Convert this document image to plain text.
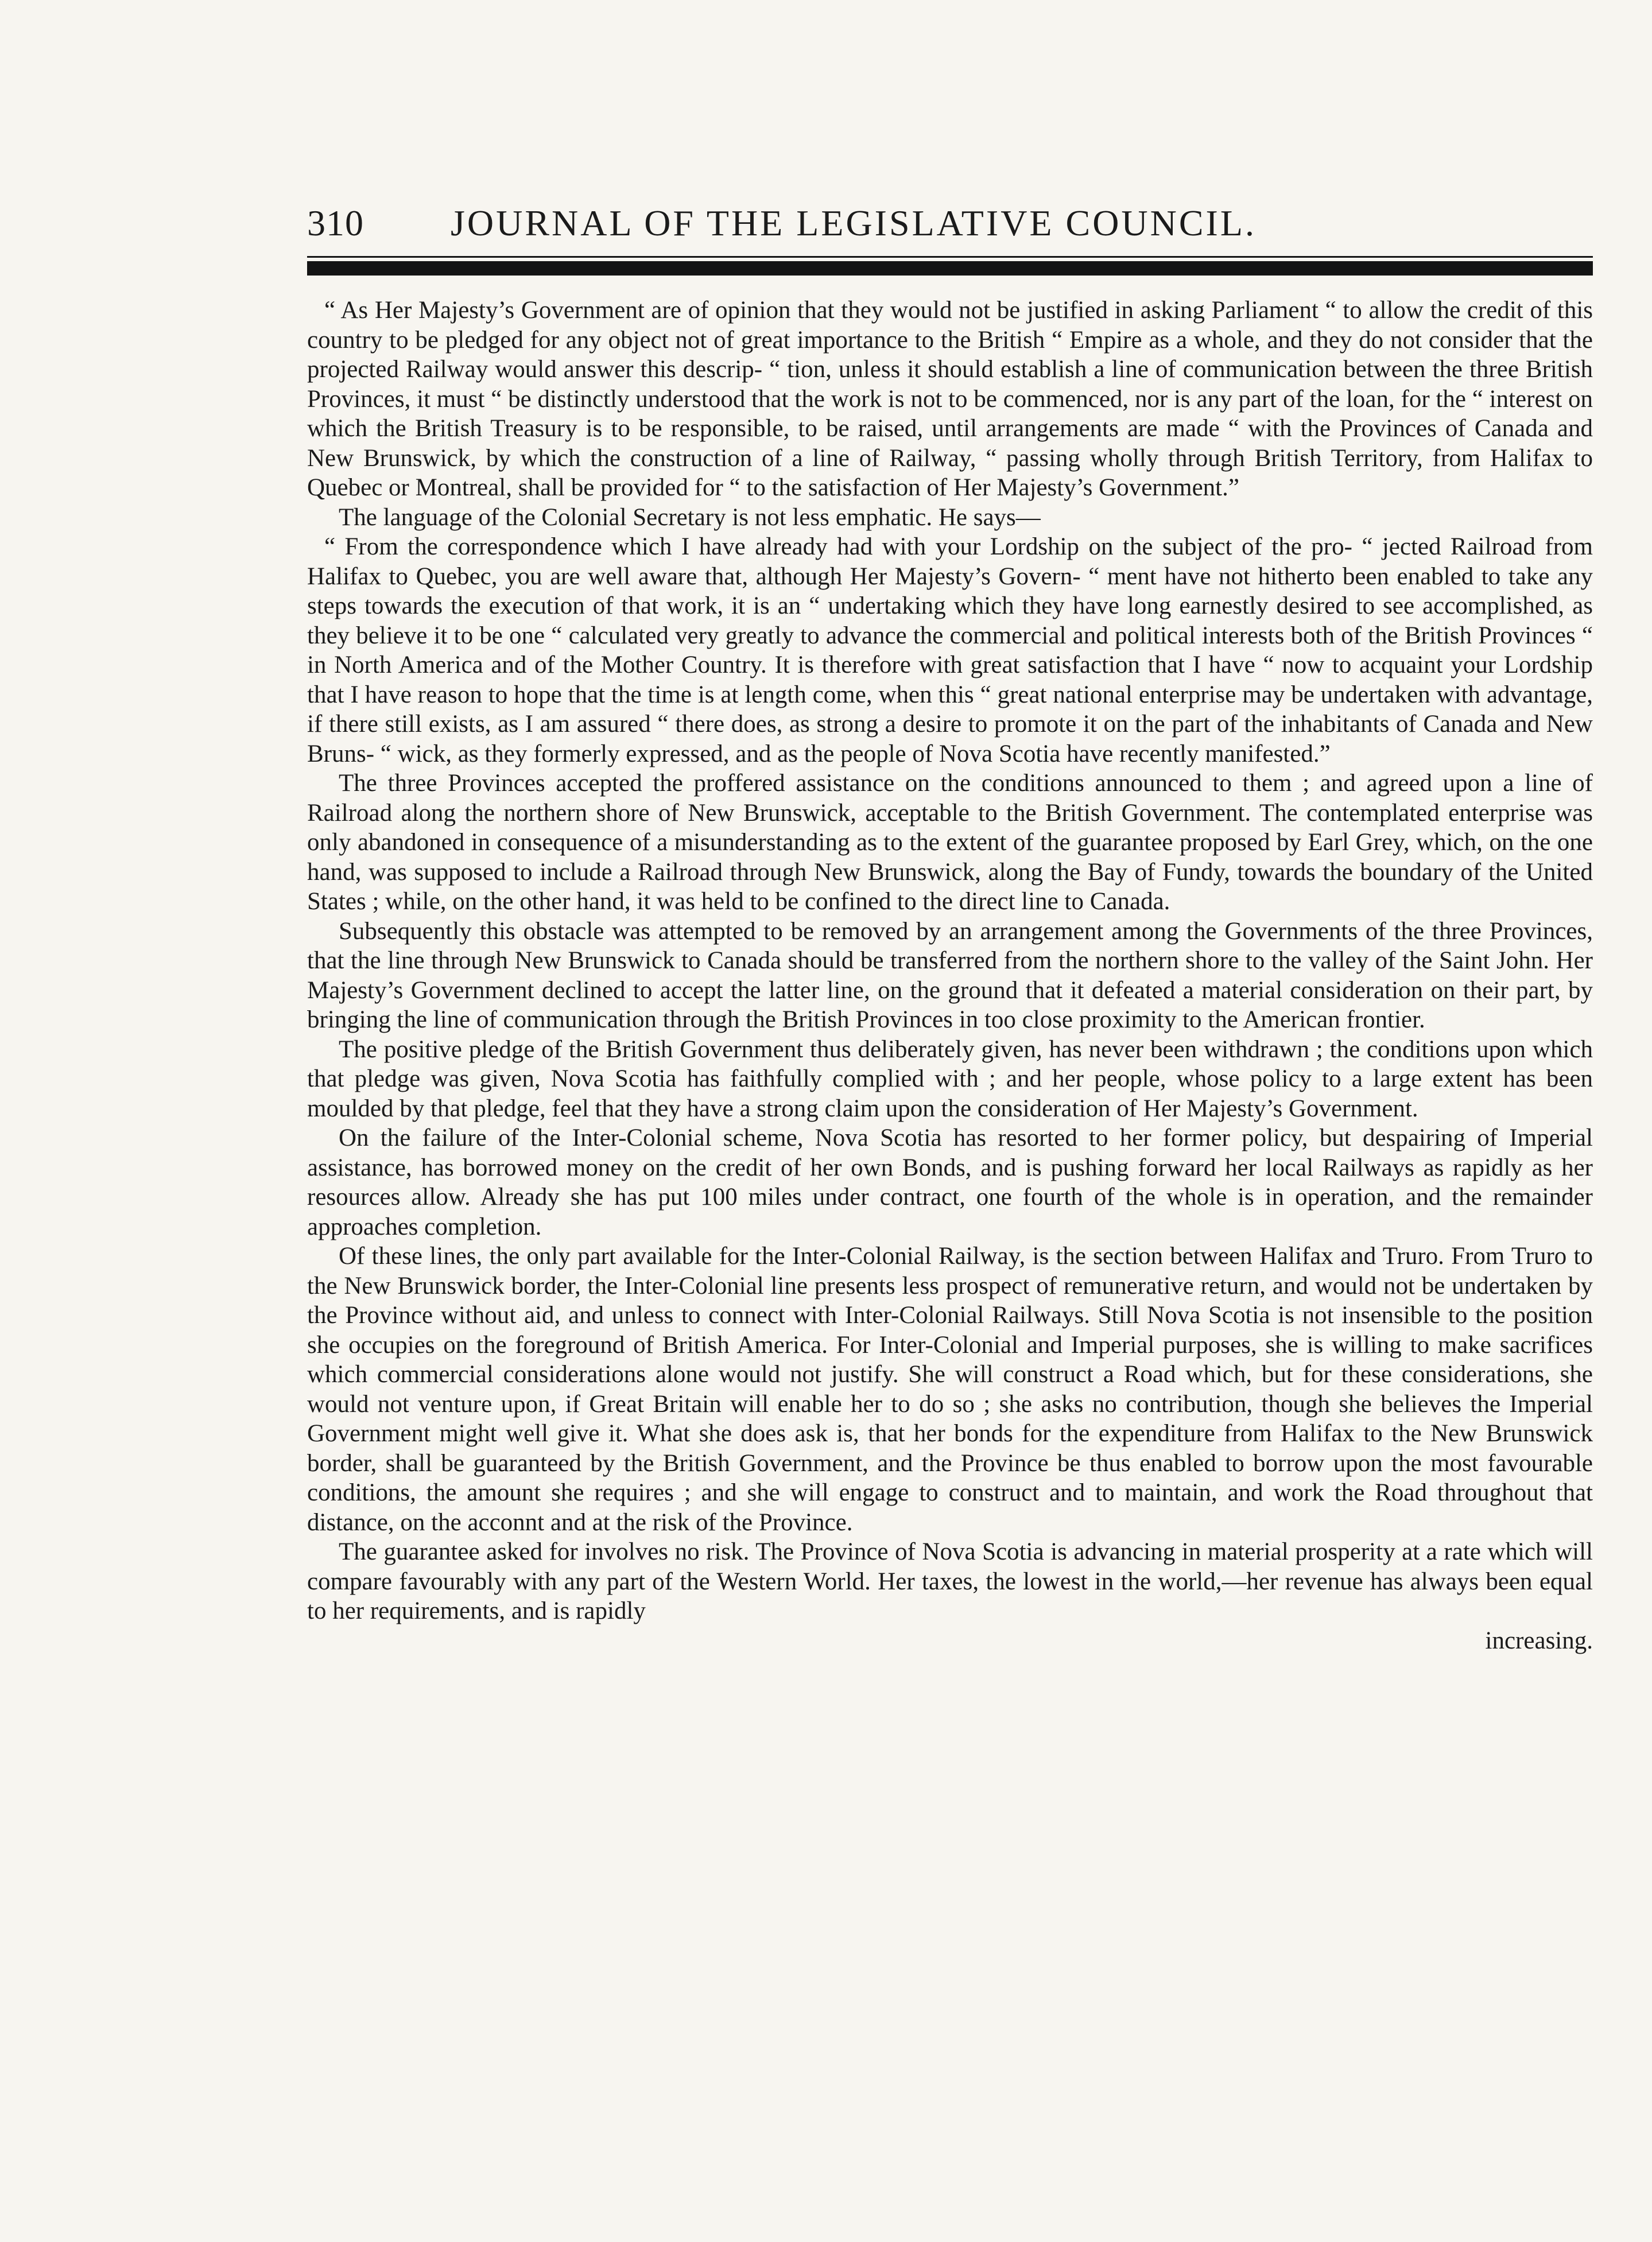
310 JOURNAL OF THE LEGISLATIVE COUNCIL.

“ As Her Majesty’s Government are of opinion that they would not be justified in asking Parliament “ to allow the credit of this country to be pledged for any object not of great importance to the British “ Empire as a whole, and they do not consider that the projected Railway would answer this descrip- “ tion, unless it should establish a line of communication between the three British Provinces, it must “ be distinctly understood that the work is not to be commenced, nor is any part of the loan, for the “ interest on which the British Treasury is to be responsible, to be raised, until arrangements are made “ with the Provinces of Canada and New Brunswick, by which the construction of a line of Railway, “ passing wholly through British Territory, from Halifax to Quebec or Montreal, shall be provided for “ to the satisfaction of Her Majesty’s Government.”

The language of the Colonial Secretary is not less emphatic. He says—

“ From the correspondence which I have already had with your Lordship on the subject of the pro- “ jected Railroad from Halifax to Quebec, you are well aware that, although Her Majesty’s Govern- “ ment have not hitherto been enabled to take any steps towards the execution of that work, it is an “ undertaking which they have long earnestly desired to see accomplished, as they believe it to be one “ calculated very greatly to advance the commercial and political interests both of the British Provinces “ in North America and of the Mother Country. It is therefore with great satisfaction that I have “ now to acquaint your Lordship that I have reason to hope that the time is at length come, when this “ great national enterprise may be undertaken with advantage, if there still exists, as I am assured “ there does, as strong a desire to promote it on the part of the inhabitants of Canada and New Bruns- “ wick, as they formerly expressed, and as the people of Nova Scotia have recently manifested.”

The three Provinces accepted the proffered assistance on the conditions announced to them ; and agreed upon a line of Railroad along the northern shore of New Brunswick, acceptable to the British Government. The contemplated enterprise was only abandoned in consequence of a misunderstanding as to the extent of the guarantee proposed by Earl Grey, which, on the one hand, was supposed to include a Railroad through New Brunswick, along the Bay of Fundy, towards the boundary of the United States ; while, on the other hand, it was held to be confined to the direct line to Canada.

Subsequently this obstacle was attempted to be removed by an arrangement among the Governments of the three Provinces, that the line through New Brunswick to Canada should be transferred from the northern shore to the valley of the Saint John. Her Majesty’s Government declined to accept the latter line, on the ground that it defeated a material consideration on their part, by bringing the line of communication through the British Provinces in too close proximity to the American frontier.

The positive pledge of the British Government thus deliberately given, has never been withdrawn ; the conditions upon which that pledge was given, Nova Scotia has faithfully complied with ; and her people, whose policy to a large extent has been moulded by that pledge, feel that they have a strong claim upon the consideration of Her Majesty’s Government.

On the failure of the Inter-Colonial scheme, Nova Scotia has resorted to her former policy, but despairing of Imperial assistance, has borrowed money on the credit of her own Bonds, and is pushing forward her local Railways as rapidly as her resources allow. Already she has put 100 miles under contract, one fourth of the whole is in operation, and the remainder approaches completion.

Of these lines, the only part available for the Inter-Colonial Railway, is the section between Halifax and Truro. From Truro to the New Brunswick border, the Inter-Colonial line presents less prospect of remunerative return, and would not be undertaken by the Province without aid, and unless to connect with Inter-Colonial Railways. Still Nova Scotia is not insensible to the position she occupies on the foreground of British America. For Inter-Colonial and Imperial purposes, she is willing to make sacrifices which commercial considerations alone would not justify. She will construct a Road which, but for these considerations, she would not venture upon, if Great Britain will enable her to do so ; she asks no contribution, though she believes the Imperial Government might well give it. What she does ask is, that her bonds for the expenditure from Halifax to the New Brunswick border, shall be guaranteed by the British Government, and the Province be thus enabled to borrow upon the most favourable conditions, the amount she requires ; and she will engage to construct and to maintain, and work the Road throughout that distance, on the acconnt and at the risk of the Province.

The guarantee asked for involves no risk. The Province of Nova Scotia is advancing in material prosperity at a rate which will compare favourably with any part of the Western World. Her taxes, the lowest in the world,—her revenue has always been equal to her requirements, and is rapidly

increasing.
